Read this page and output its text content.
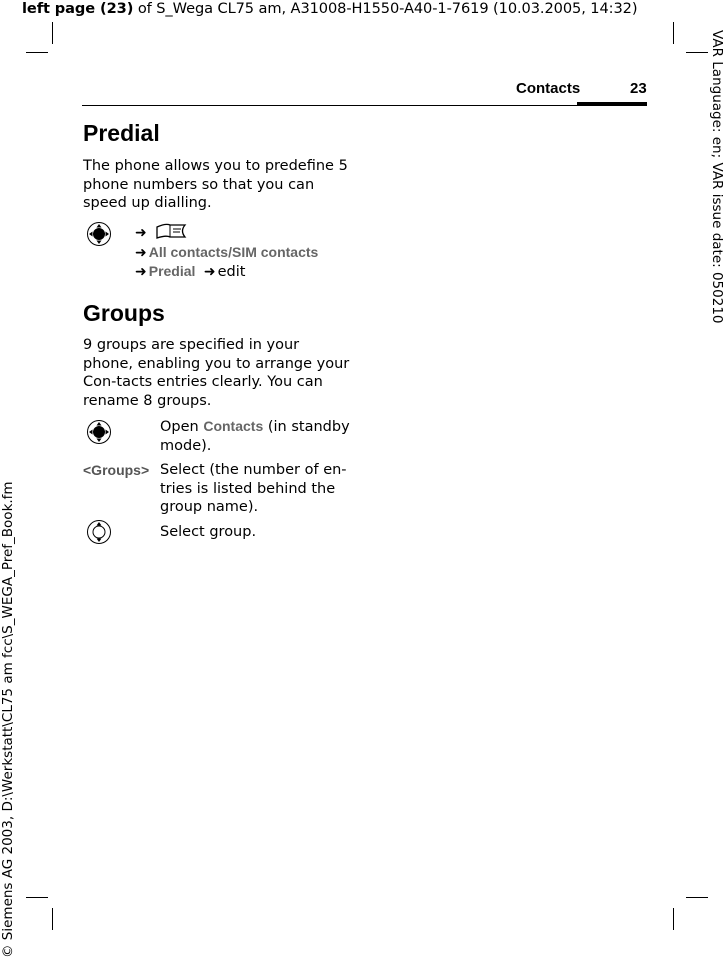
left page (23) of S_Wega CL75 am, A31008-H1550-A40-1-7619 (10.03.2005, 14:32)
VAR Language: en; VAR issue date: 050210
© Siemens AG 2003, D:\Werkstatt\CL75 am fcc\S_WEGA_Pref_Book.fm
Contacts	23
Predial
The phone allows you to predefine 5 phone numbers so that you can speed up dialling.
➜
➜ All contacts/SIM contacts
➜ Predial ➜ edit
Groups
9 groups are specified in your phone, enabling you to arrange your Con-tacts entries clearly. You can rename 8 groups.
Open Contacts (in standby mode).
<Groups> Select (the number of en-tries is listed behind the group name).
Select group.
